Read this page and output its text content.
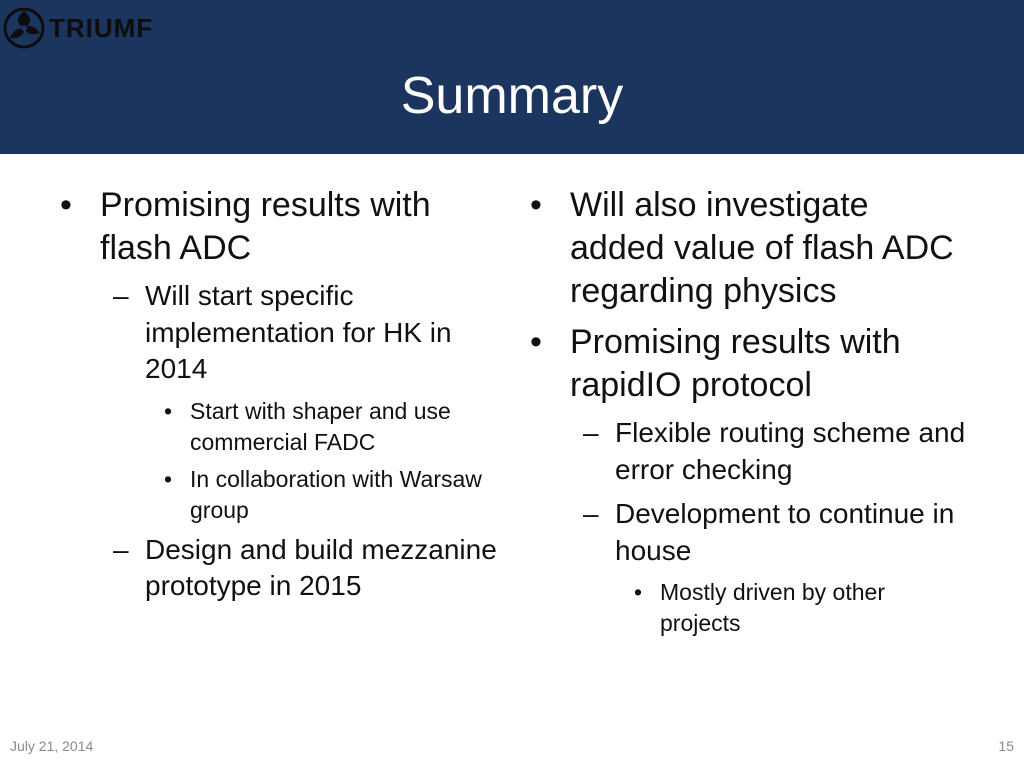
TRIUMF
Summary
• Promising results with flash ADC
– Will start specific implementation for HK in 2014
• Start with shaper and use commercial FADC
• In collaboration with Warsaw group
– Design and build mezzanine prototype in 2015
• Will also investigate added value of flash ADC regarding physics
• Promising results with rapidIO protocol
– Flexible routing scheme and error checking
– Development to continue in house
• Mostly driven by other projects
July 21, 2014	15
